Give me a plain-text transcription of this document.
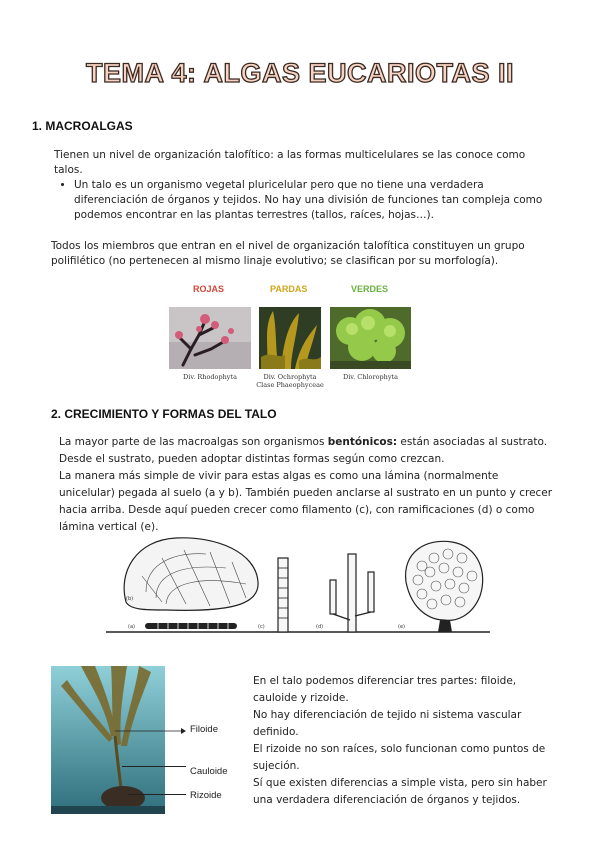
TEMA 4: ALGAS EUCARIOTAS II
1. MACROALGAS
Tienen un nivel de organización talofítico: a las formas multicelulares se las conoce como talos.
• Un talo es un organismo vegetal pluricelular pero que no tiene una verdadera diferenciación de órganos y tejidos. No hay una división de funciones tan compleja como podemos encontrar en las plantas terrestres (tallos, raíces, hojas…).
Todos los miembros que entran en el nivel de organización talofítica constituyen un grupo polifilético (no pertenecen al mismo linaje evolutivo; se clasifican por su morfología).
ROJAS	PARDAS	VERDES
Div. Rhodophyta	Div. Ochrophyta
Clase Phaeophyceae
Div. Chlorophyta
2. CRECIMIENTO Y FORMAS DEL TALO
La mayor parte de las macroalgas son organismos bentónicos: están asociadas al sustrato. Desde el sustrato, pueden adoptar distintas formas según como crezcan.
La manera más simple de vivir para estas algas es como una lámina (normalmente unicelular) pegada al suelo (a y b). También pueden anclarse al sustrato en un punto y crecer hacia arriba. Desde aquí pueden crecer como filamento (c), con ramificaciones (d) o como lámina vertical (e).
(b)
(a)	(c)	(d)	(e)
Filoide
Cauloide
Rizoide
En el talo podemos diferenciar tres partes: filoide, cauloide y rizoide.
No hay diferenciación de tejido ni sistema vascular definido.
El rizoide no son raíces, solo funcionan como puntos de sujeción.
Sí que existen diferencias a simple vista, pero sin haber una verdadera diferenciación de órganos y tejidos.
